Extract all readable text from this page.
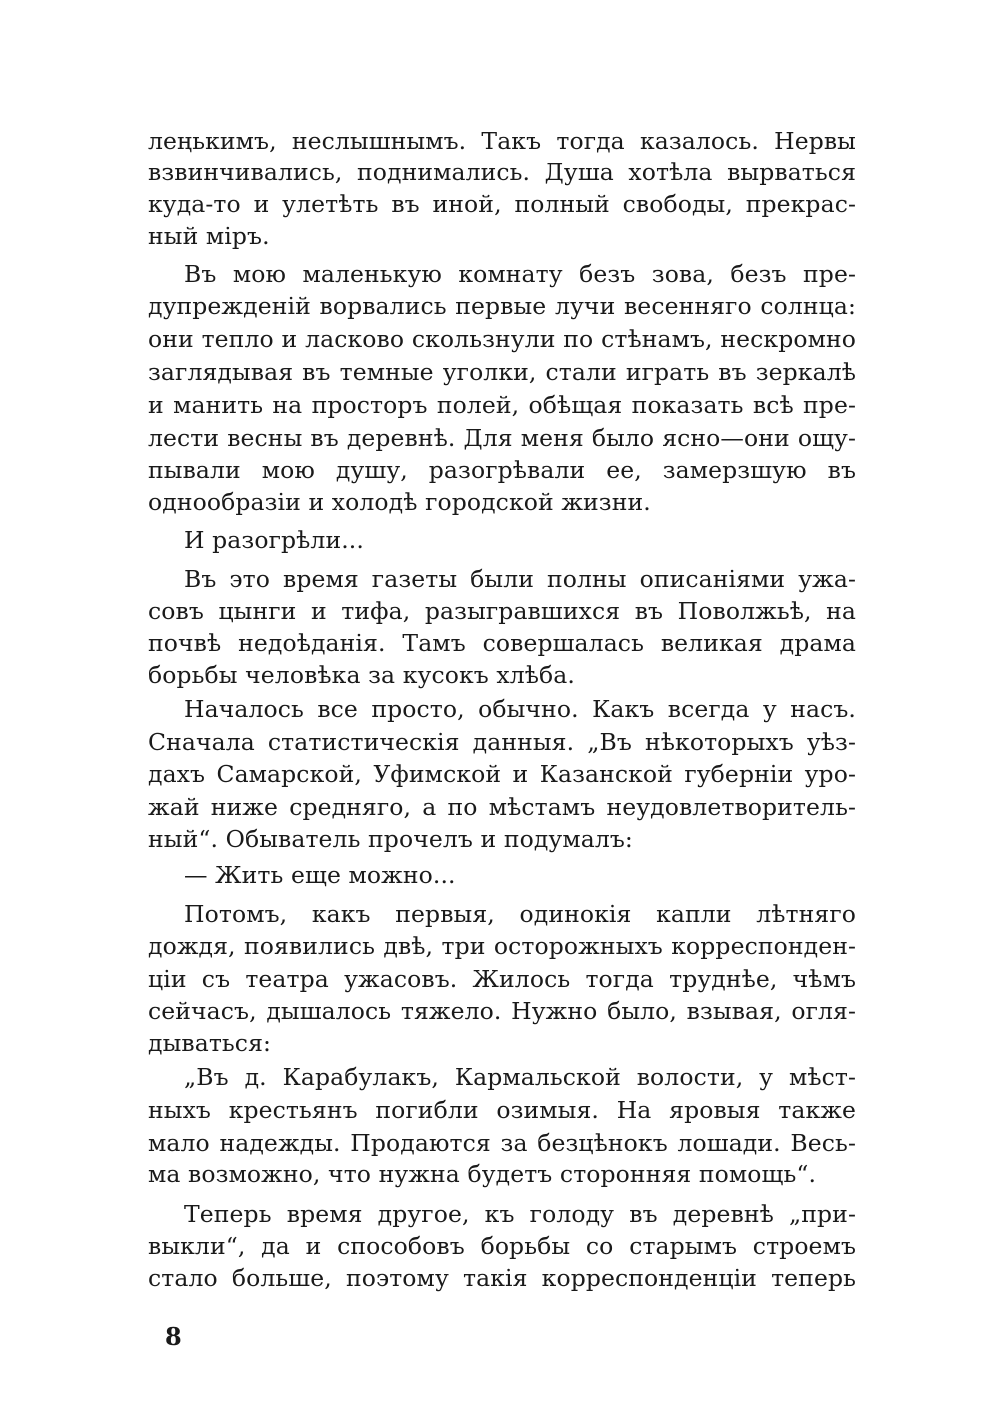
леңькимъ, неслышнымъ. Такъ тогда казалось. Нервы
взвинчивались, поднимались. Душа хотѣла вырваться
куда-то и улетѣть въ иной, полный свободы, прекрас-
ный міръ.
Въ мою маленькую комнату безъ зова, безъ пре-
дупрежденій ворвались первые лучи весенняго солнца:
они тепло и ласково скользнули по стѣнамъ, нескромно
заглядывая въ темные уголки, стали играть въ зеркалѣ
и манить на просторъ полей, обѣщая показать всѣ пре-
лести весны въ деревнѣ. Для меня было ясно—они ощу-
пывали мою душу, разогрѣвали ее, замерзшую въ
однообразіи и холодѣ городской жизни.
И разогрѣли...
Въ это время газеты были полны описаніями ужа-
совъ цынги и тифа, разыгравшихся въ Поволжьѣ, на
почвѣ недоѣданія. Тамъ совершалась великая драма
борьбы человѣка за кусокъ хлѣба.
Началось все просто, обычно. Какъ всегда у насъ.
Сначала статистическія данныя. „Въ нѣкоторыхъ уѣз-
дахъ Самарской, Уфимской и Казанской губерніи уро-
жай ниже средняго, а по мѣстамъ неудовлетворитель-
ный“. Обыватель прочелъ и подумалъ:
— Жить еще можно...
Потомъ, какъ первыя, одинокія капли лѣтняго
дождя, появились двѣ, три осторожныхъ корреспонден-
ціи съ театра ужасовъ. Жилось тогда труднѣе, чѣмъ
сейчасъ, дышалось тяжело. Нужно было, взывая, огля-
дываться:
„Въ д. Карабулакъ, Кармальской волости, у мѣст-
ныхъ крестьянъ погибли озимыя. На яровыя также
мало надежды. Продаются за безцѣнокъ лошади. Весь-
ма возможно, что нужна будетъ сторонняя помощь“.
Теперь время другое, къ голоду въ деревнѣ „при-
выкли“, да и способовъ борьбы со старымъ строемъ
стало больше, поэтому такія корреспонденціи теперь
8
